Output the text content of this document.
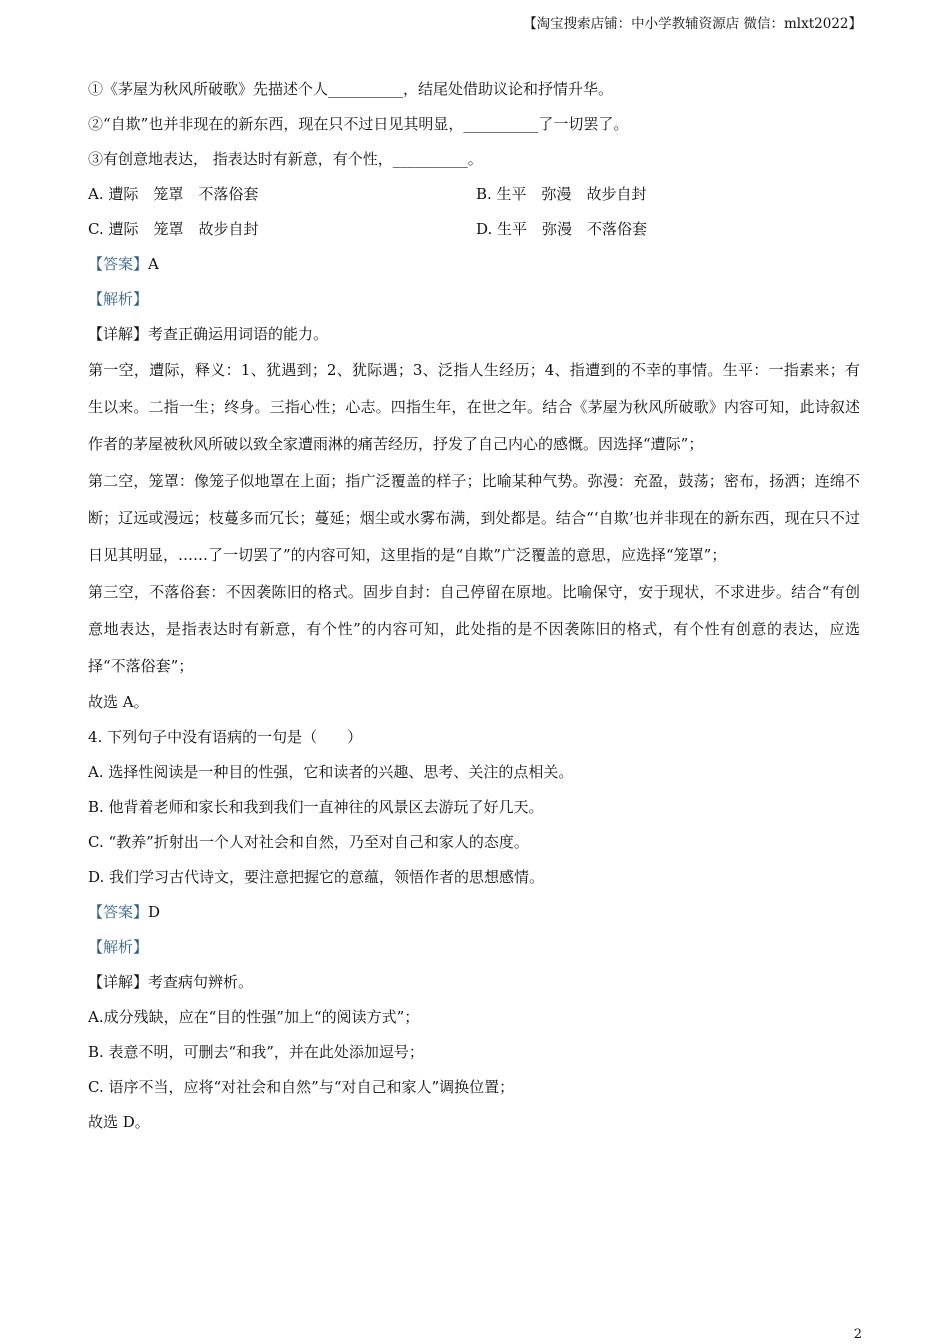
【淘宝搜索店铺：中小学教辅资源店 微信：mlxt2022】
①《茅屋为秋风所破歌》先描述个人__________，结尾处借助议论和抒情升华。
②“自欺”也并非现在的新东西，现在只不过日见其明显，__________了一切罢了。
③有创意地表达， 指表达时有新意，有个性，__________。
A. 遭际　笼罩　不落俗套	B. 生平　弥漫　故步自封
C. 遭际　笼罩　故步自封	D. 生平　弥漫　不落俗套
【答案】A
【解析】
【详解】考查正确运用词语的能力。
第一空，遭际，释义：1、犹遇到；2、犹际遇；3、泛指人生经历；4、指遭到的不幸的事情。生平：一指素来；有生以来。二指一生；终身。三指心性；心志。四指生年，在世之年。结合《茅屋为秋风所破歌》内容可知，此诗叙述作者的茅屋被秋风所破以致全家遭雨淋的痛苦经历，抒发了自己内心的感慨。因选择“遭际”；
第二空，笼罩：像笼子似地罩在上面；指广泛覆盖的样子；比喻某种气势。弥漫：充盈，鼓荡；密布，扬洒；连绵不断；辽远或漫远；枝蔓多而冗长；蔓延；烟尘或水雾布满，到处都是。结合“‘自欺’也并非现在的新东西，现在只不过日见其明显，……了一切罢了”的内容可知，这里指的是“自欺”广泛覆盖的意思，应选择“笼罩”；
第三空，不落俗套：不因袭陈旧的格式。固步自封：自己停留在原地。比喻保守，安于现状，不求进步。结合“有创意地表达，是指表达时有新意，有个性”的内容可知，此处指的是不因袭陈旧的格式，有个性有创意的表达，应选择“不落俗套”；
故选 A。
4. 下列句子中没有语病的一句是（　　）
A. 选择性阅读是一种目的性强，它和读者的兴趣、思考、关注的点相关。
B. 他背着老师和家长和我到我们一直神往的风景区去游玩了好几天。
C. “教养”折射出一个人对社会和自然，乃至对自己和家人的态度。
D. 我们学习古代诗文，要注意把握它的意蕴，领悟作者的思想感情。
【答案】D
【解析】
【详解】考查病句辨析。
A.成分残缺，应在“目的性强”加上“的阅读方式”；
B. 表意不明，可删去“和我”，并在此处添加逗号；
C. 语序不当，应将“对社会和自然”与“对自己和家人”调换位置；
故选 D。
2
